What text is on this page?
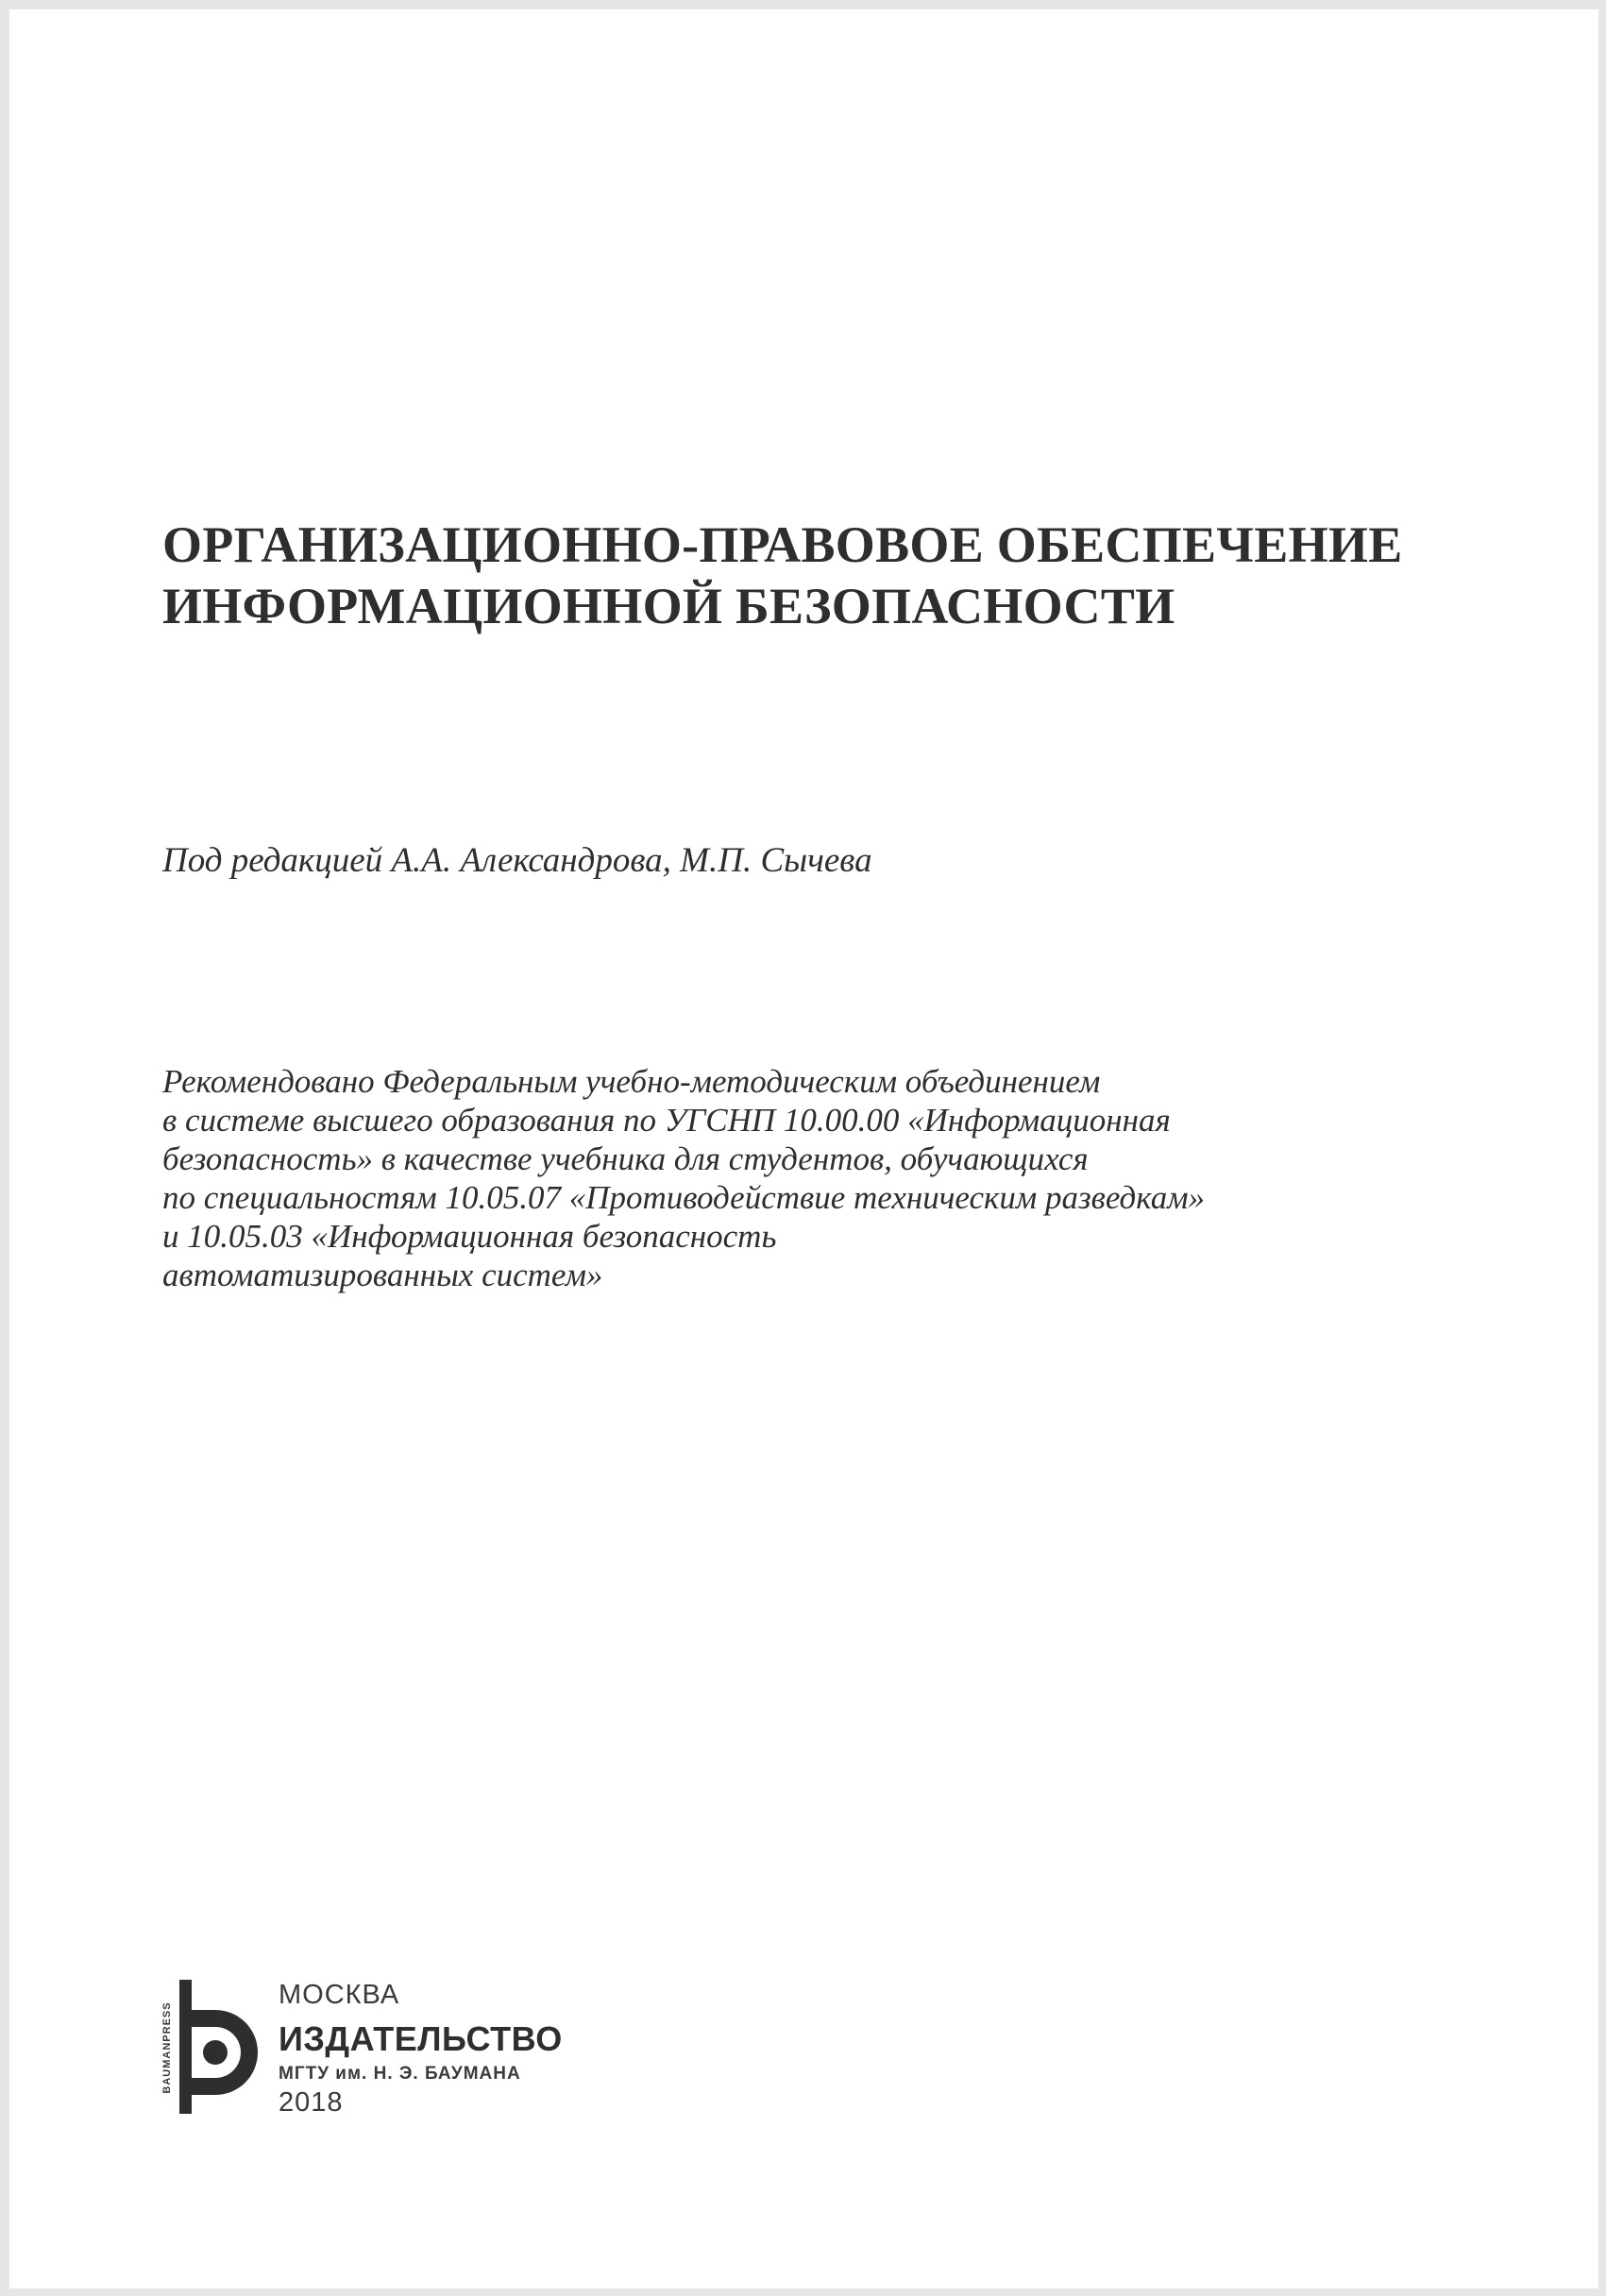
ОРГАНИЗАЦИОННО-ПРАВОВОЕ ОБЕСПЕЧЕНИЕ
ИНФОРМАЦИОННОЙ БЕЗОПАСНОСТИ
Под редакцией А.А. Александрова, М.П. Сычева
Рекомендовано Федеральным учебно-методическим объединением
в системе высшего образования по УГСНП 10.00.00 «Информационная
безопасность» в качестве учебника для студентов, обучающихся
по специальностям 10.05.07 «Противодействие техническим разведкам»
и 10.05.03 «Информационная безопасность
автоматизированных систем»
BAUMANPRESS
МОСКВА
ИЗДАТЕЛЬСТВО
МГТУ им. Н. Э. БАУМАНА
2018
